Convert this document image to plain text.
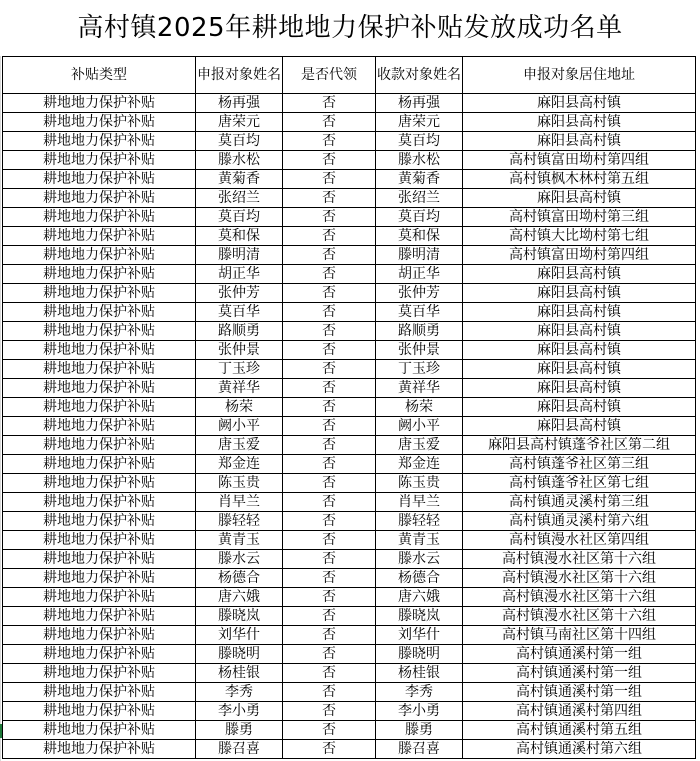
高村镇2025年耕地地力保护补贴发放成功名单
补贴类型	申报对象姓名	是否代领	收款对象姓名	申报对象居住地址
耕地地力保护补贴	杨再强	否	杨再强	麻阳县高村镇
耕地地力保护补贴	唐荣元	否	唐荣元	麻阳县高村镇
耕地地力保护补贴	莫百均	否	莫百均	麻阳县高村镇
耕地地力保护补贴	滕水松	否	滕水松	高村镇富田坳村第四组
耕地地力保护补贴	黄菊香	否	黄菊香	高村镇枫木林村第五组
耕地地力保护补贴	张绍兰	否	张绍兰	麻阳县高村镇
耕地地力保护补贴	莫百均	否	莫百均	高村镇富田坳村第三组
耕地地力保护补贴	莫和保	否	莫和保	高村镇大比坳村第七组
耕地地力保护补贴	滕明清	否	滕明清	高村镇富田坳村第四组
耕地地力保护补贴	胡正华	否	胡正华	麻阳县高村镇
耕地地力保护补贴	张仲芳	否	张仲芳	麻阳县高村镇
耕地地力保护补贴	莫百华	否	莫百华	麻阳县高村镇
耕地地力保护补贴	路顺勇	否	路顺勇	麻阳县高村镇
耕地地力保护补贴	张仲景	否	张仲景	麻阳县高村镇
耕地地力保护补贴	丁玉珍	否	丁玉珍	麻阳县高村镇
耕地地力保护补贴	黄祥华	否	黄祥华	麻阳县高村镇
耕地地力保护补贴	杨荣	否	杨荣	麻阳县高村镇
耕地地力保护补贴	阙小平	否	阙小平	麻阳县高村镇
耕地地力保护补贴	唐玉爱	否	唐玉爱	麻阳县高村镇蓬爷社区第二组
耕地地力保护补贴	郑金连	否	郑金连	高村镇蓬爷社区第三组
耕地地力保护补贴	陈玉贵	否	陈玉贵	高村镇蓬爷社区第七组
耕地地力保护补贴	肖早兰	否	肖早兰	高村镇通灵溪村第三组
耕地地力保护补贴	滕轻轻	否	滕轻轻	高村镇通灵溪村第六组
耕地地力保护补贴	黄青玉	否	黄青玉	高村镇漫水社区第四组
耕地地力保护补贴	滕水云	否	滕水云	高村镇漫水社区第十六组
耕地地力保护补贴	杨德合	否	杨德合	高村镇漫水社区第十六组
耕地地力保护补贴	唐六娥	否	唐六娥	高村镇漫水社区第十六组
耕地地力保护补贴	滕晓岚	否	滕晓岚	高村镇漫水社区第十六组
耕地地力保护补贴	刘华什	否	刘华什	高村镇马南社区第十四组
耕地地力保护补贴	滕晓明	否	滕晓明	高村镇通溪村第一组
耕地地力保护补贴	杨桂银	否	杨桂银	高村镇通溪村第一组
耕地地力保护补贴	李秀	否	李秀	高村镇通溪村第一组
耕地地力保护补贴	李小勇	否	李小勇	高村镇通溪村第四组
耕地地力保护补贴	滕勇	否	滕勇	高村镇通溪村第五组
耕地地力保护补贴	滕召喜	否	滕召喜	高村镇通溪村第六组
